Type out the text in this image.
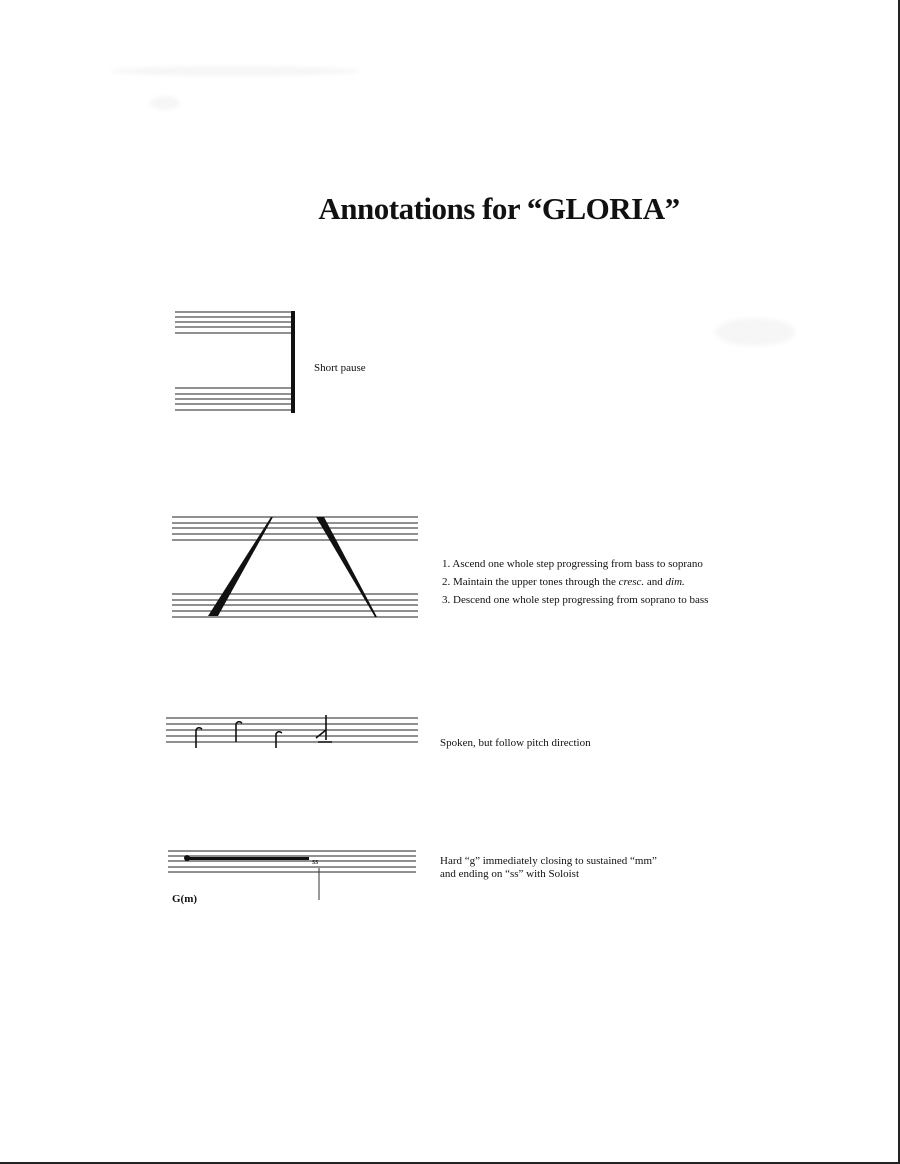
Annotations for “GLORIA”
Short pause
1. Ascend one whole step progressing from bass to soprano
2. Maintain the upper tones through the cresc. and dim.
3. Descend one whole step progressing from soprano to bass
Spoken, but follow pitch direction
ss
G(m)
Hard “g” immediately closing to sustained “mm”
and ending on “ss” with Soloist
